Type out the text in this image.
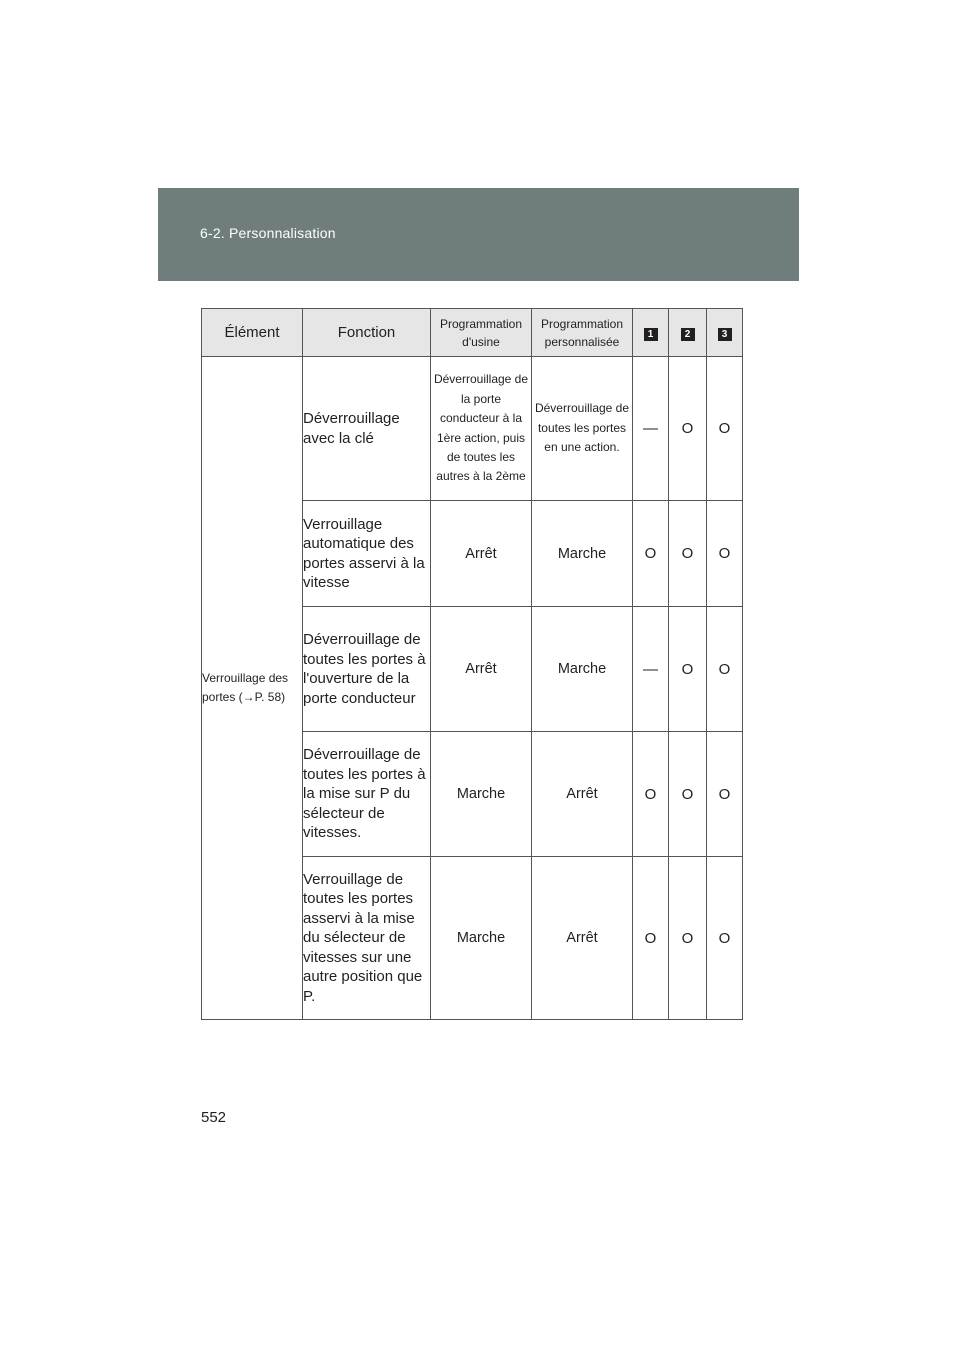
6-2. Personnalisation
Élément	Fonction	Programmation d'usine	Programmation personnalisée	1	2	3
Verrouillage des portes (→P. 58)	Déverrouillage avec la clé	Déverrouillage de la porte conducteur à la 1ère action, puis de toutes les autres à la 2ème	Déverrouillage de toutes les portes en une action.	—	O	O
	Verrouillage automatique des portes asservi à la vitesse	Arrêt	Marche	O	O	O
	Déverrouillage de toutes les portes à l'ouverture de la porte conducteur	Arrêt	Marche	—	O	O
	Déverrouillage de toutes les portes à la mise sur P du sélecteur de vitesses.	Marche	Arrêt	O	O	O
	Verrouillage de toutes les portes asservi à la mise du sélecteur de vitesses sur une autre position que P.	Marche	Arrêt	O	O	O
552
